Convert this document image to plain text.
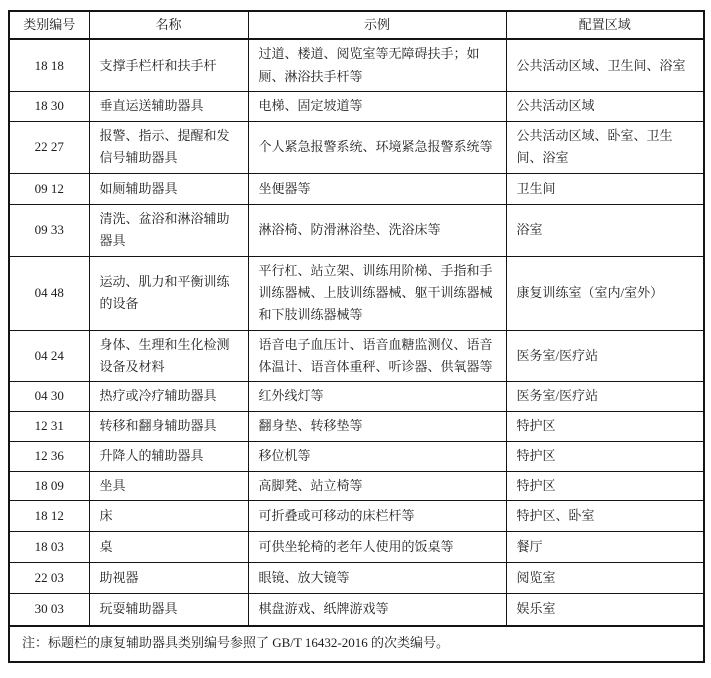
类别编号	名称	示例	配置区域
18 18	支撑手栏杆和扶手杆	过道、楼道、阅览室等无障碍扶手；如厕、淋浴扶手杆等	公共活动区域、卫生间、浴室
18 30	垂直运送辅助器具	电梯、固定坡道等	公共活动区域
22 27	报警、指示、提醒和发信号辅助器具	个人紧急报警系统、环境紧急报警系统等	公共活动区域、卧室、卫生间、浴室
09 12	如厕辅助器具	坐便器等	卫生间
09 33	清洗、盆浴和淋浴辅助器具	淋浴椅、防滑淋浴垫、洗浴床等	浴室
04 48	运动、肌力和平衡训练的设备	平行杠、站立架、训练用阶梯、手指和手训练器械、上肢训练器械、躯干训练器械和下肢训练器械等	康复训练室（室内/室外）
04 24	身体、生理和生化检测设备及材料	语音电子血压计、语音血糖监测仪、语音体温计、语音体重秤、听诊器、供氧器等	医务室/医疗站
04 30	热疗或冷疗辅助器具	红外线灯等	医务室/医疗站
12 31	转移和翻身辅助器具	翻身垫、转移垫等	特护区
12 36	升降人的辅助器具	移位机等	特护区
18 09	坐具	高脚凳、站立椅等	特护区
18 12	床	可折叠或可移动的床栏杆等	特护区、卧室
18 03	桌	可供坐轮椅的老年人使用的饭桌等	餐厅
22 03	助视器	眼镜、放大镜等	阅览室
30 03	玩耍辅助器具	棋盘游戏、纸牌游戏等	娱乐室
注：标题栏的康复辅助器具类别编号参照了 GB/T 16432-2016 的次类编号。			
